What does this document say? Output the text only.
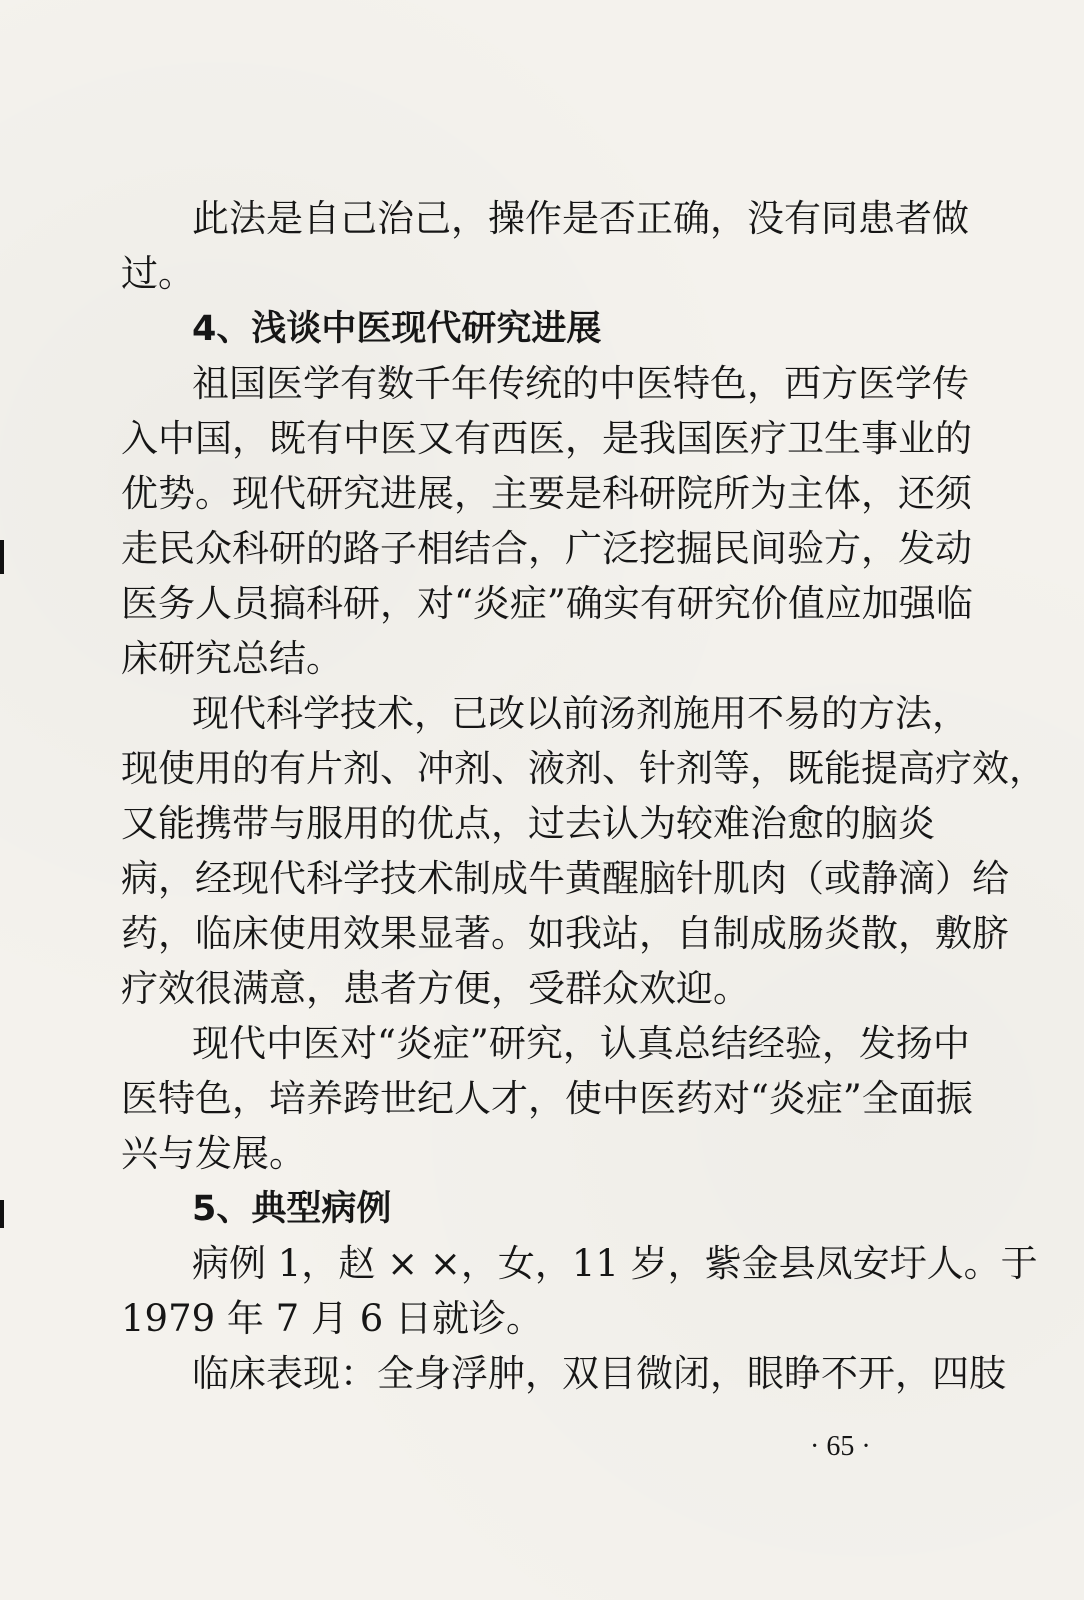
此法是自己治己，操作是否正确，没有同患者做

过。

4、浅谈中医现代研究进展

祖国医学有数千年传统的中医特色，西方医学传

入中国，既有中医又有西医，是我国医疗卫生事业的

优势。现代研究进展，主要是科研院所为主体，还须

走民众科研的路子相结合，广泛挖掘民间验方，发动

医务人员搞科研，对“炎症”确实有研究价值应加强临

床研究总结。

现代科学技术，已改以前汤剂施用不易的方法，

现使用的有片剂、冲剂、液剂、针剂等，既能提高疗效，

又能携带与服用的优点，过去认为较难治愈的脑炎

病，经现代科学技术制成牛黄醒脑针肌肉（或静滴）给

药，临床使用效果显著。如我站，自制成肠炎散，敷脐

疗效很满意，患者方便，受群众欢迎。

现代中医对“炎症”研究，认真总结经验，发扬中

医特色，培养跨世纪人才，使中医药对“炎症”全面振

兴与发展。

5、典型病例

病例 1，赵 × ×，女，11 岁，紫金县凤安圩人。于

1979 年 7 月 6 日就诊。

临床表现：全身浮肿，双目微闭，眼睁不开，四肢

· 65 ·
